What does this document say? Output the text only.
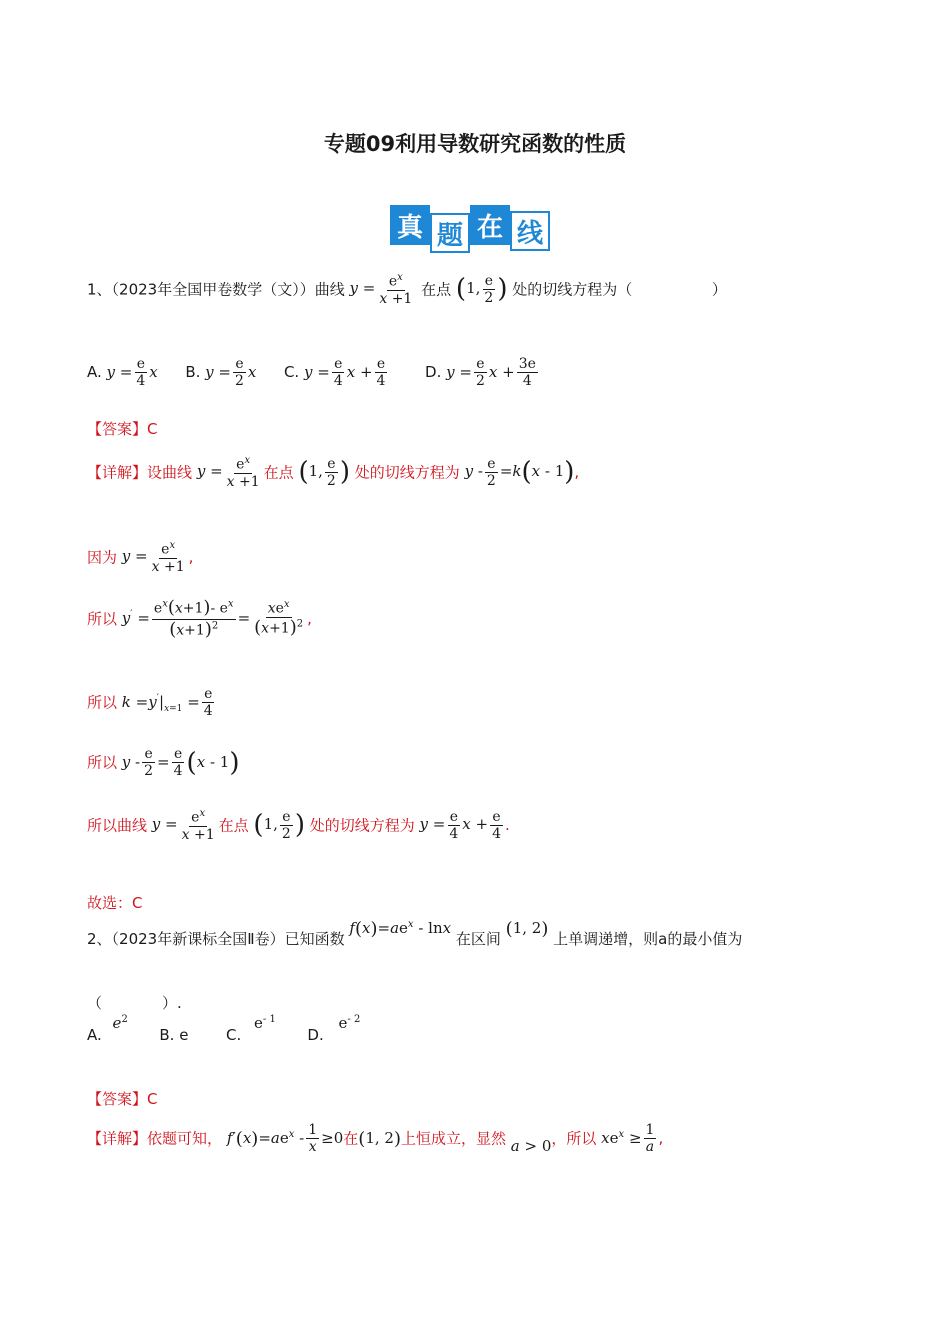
专题09利用导数研究函数的性质
真 题 在 线
1、（2023年全国甲卷数学（文））曲线 $y = \frac{e^x}{x +1}$ 在点 (1, $\frac{e}{2}$ ) 处的切线方程为（	）
A. $y = \frac{e}{4}$ x B. $y = \frac{e}{2}$ x C. $y = \frac{e}{4}$ $x + \frac{e}{4}$	D. $y = \frac{e}{2}$ $x + \frac{3e}{4}$
【答案】C
【详解】设曲线 $y = \frac{e^x}{x +1}$ 在点 (1, $\frac{e}{2}$ ) 处的切线方程为 $y - \frac{e}{2} =k(x - 1)$,
因为 $y = \frac{e^x}{x +1}$ ,
所以 $y' = \frac{e^x(x+1)- e^x}{(x+1)^2} = \frac{xe^x}{(x+1)^2}$ ,
所以 $k =y'|_{x=1} = \frac{e}{4}$
所以 $y - \frac{e}{2} = \frac{e}{4} (x - 1)$
所以曲线 $y = \frac{e^x}{x +1}$ 在点 (1, $\frac{e}{2}$ ) 处的切线方程为 $y = \frac{e}{4}$ $x + \frac{e}{4}$ .
故选：C
2、（2023年新课标全国Ⅱ卷）已知函数 $f(x)=ae^x - \ln x$ 在区间 (1, 2) 上单调递增，则a的最小值为
（　　　　）.
A. $e^2$  B. e	C. $e^{- 1}$  D. $e^{- 2}$
【答案】C
【详解】依题可知， $f'(x)=ae^x - \frac{1}{x} \ge 0$在(1, 2)上恒成立，显然 a > 0，所以 $xe^x \ge \frac{1}{a}$ ,
